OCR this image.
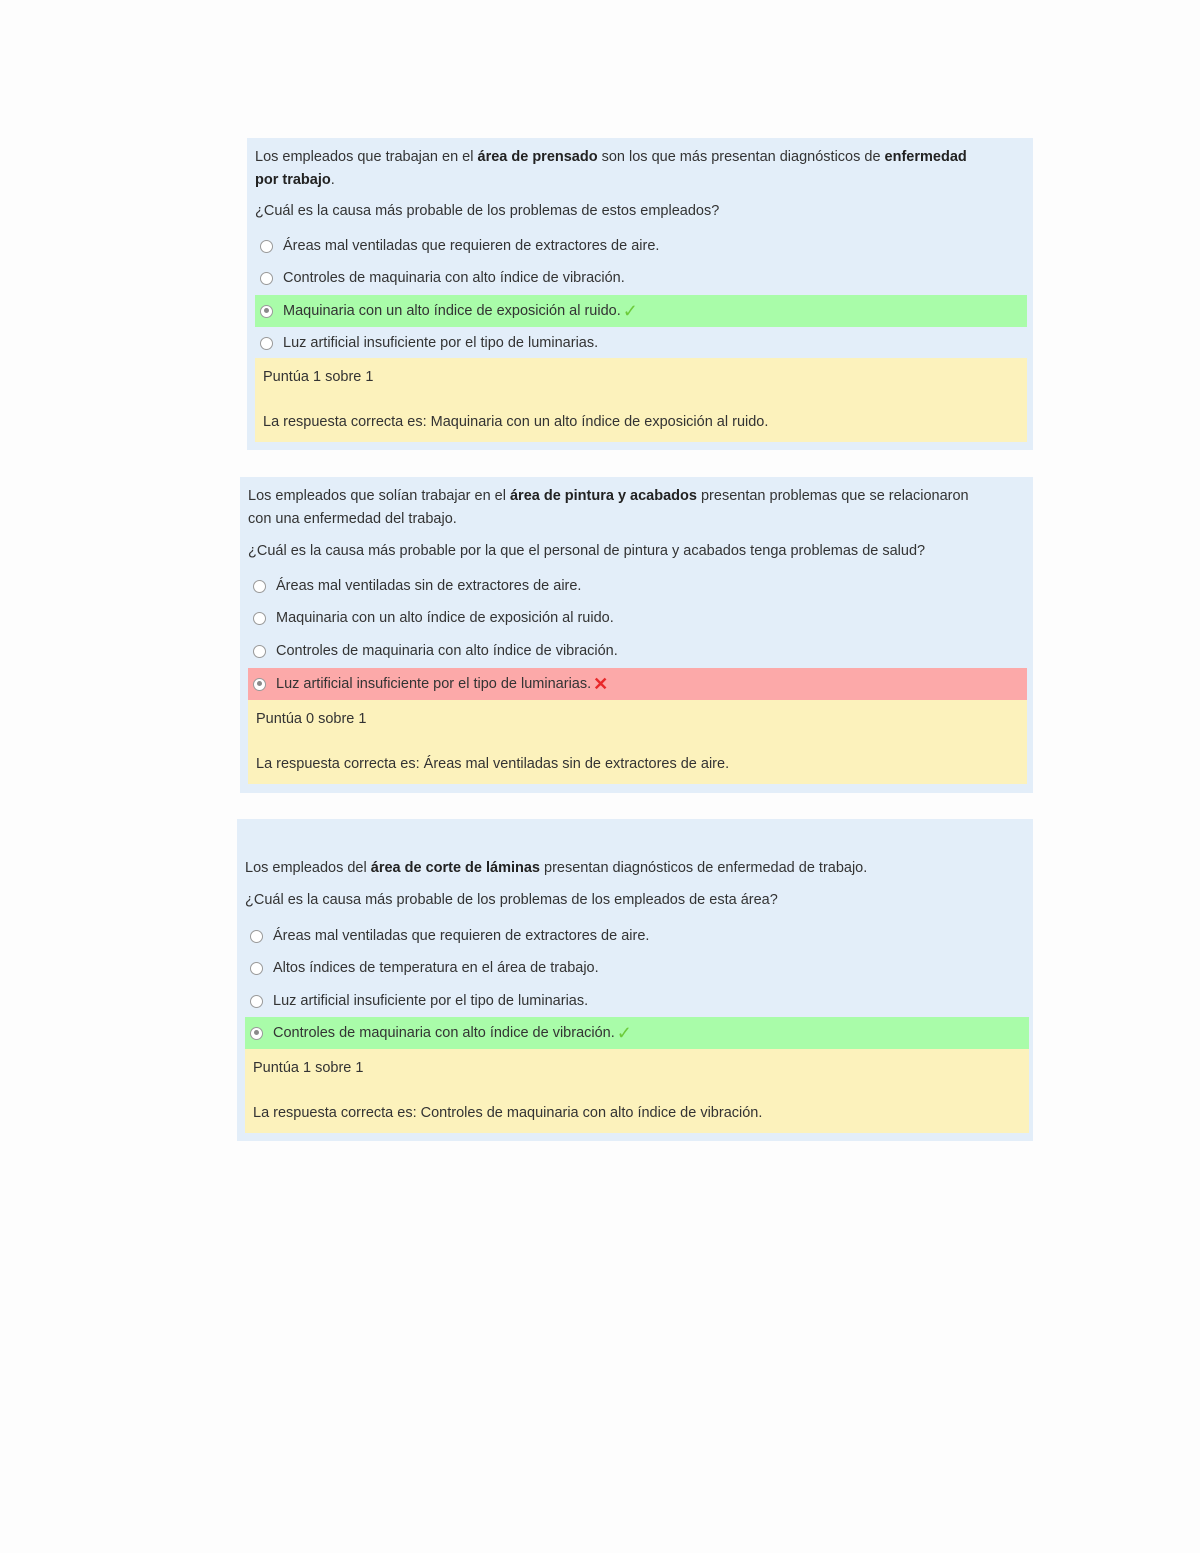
Los empleados que trabajan en el área de prensado son los que más presentan diagnósticos de enfermedad por trabajo.
¿Cuál es la causa más probable de los problemas de estos empleados?
Áreas mal ventiladas que requieren de extractores de aire.
Controles de maquinaria con alto índice de vibración.
Maquinaria con un alto índice de exposición al ruido. ✓
Luz artificial insuficiente por el tipo de luminarias.
Puntúa 1 sobre 1
La respuesta correcta es: Maquinaria con un alto índice de exposición al ruido.
Los empleados que solían trabajar en el área de pintura y acabados presentan problemas que se relacionaron con una enfermedad del trabajo.
¿Cuál es la causa más probable por la que el personal de pintura y acabados tenga problemas de salud?
Áreas mal ventiladas sin de extractores de aire.
Maquinaria con un alto índice de exposición al ruido.
Controles de maquinaria con alto índice de vibración.
Luz artificial insuficiente por el tipo de luminarias. ✕
Puntúa 0 sobre 1
La respuesta correcta es: Áreas mal ventiladas sin de extractores de aire.
Los empleados del área de corte de láminas presentan diagnósticos de enfermedad de trabajo.
¿Cuál es la causa más probable de los problemas de los empleados de esta área?
Áreas mal ventiladas que requieren de extractores de aire.
Altos índices de temperatura en el área de trabajo.
Luz artificial insuficiente por el tipo de luminarias.
Controles de maquinaria con alto índice de vibración. ✓
Puntúa 1 sobre 1
La respuesta correcta es: Controles de maquinaria con alto índice de vibración.
